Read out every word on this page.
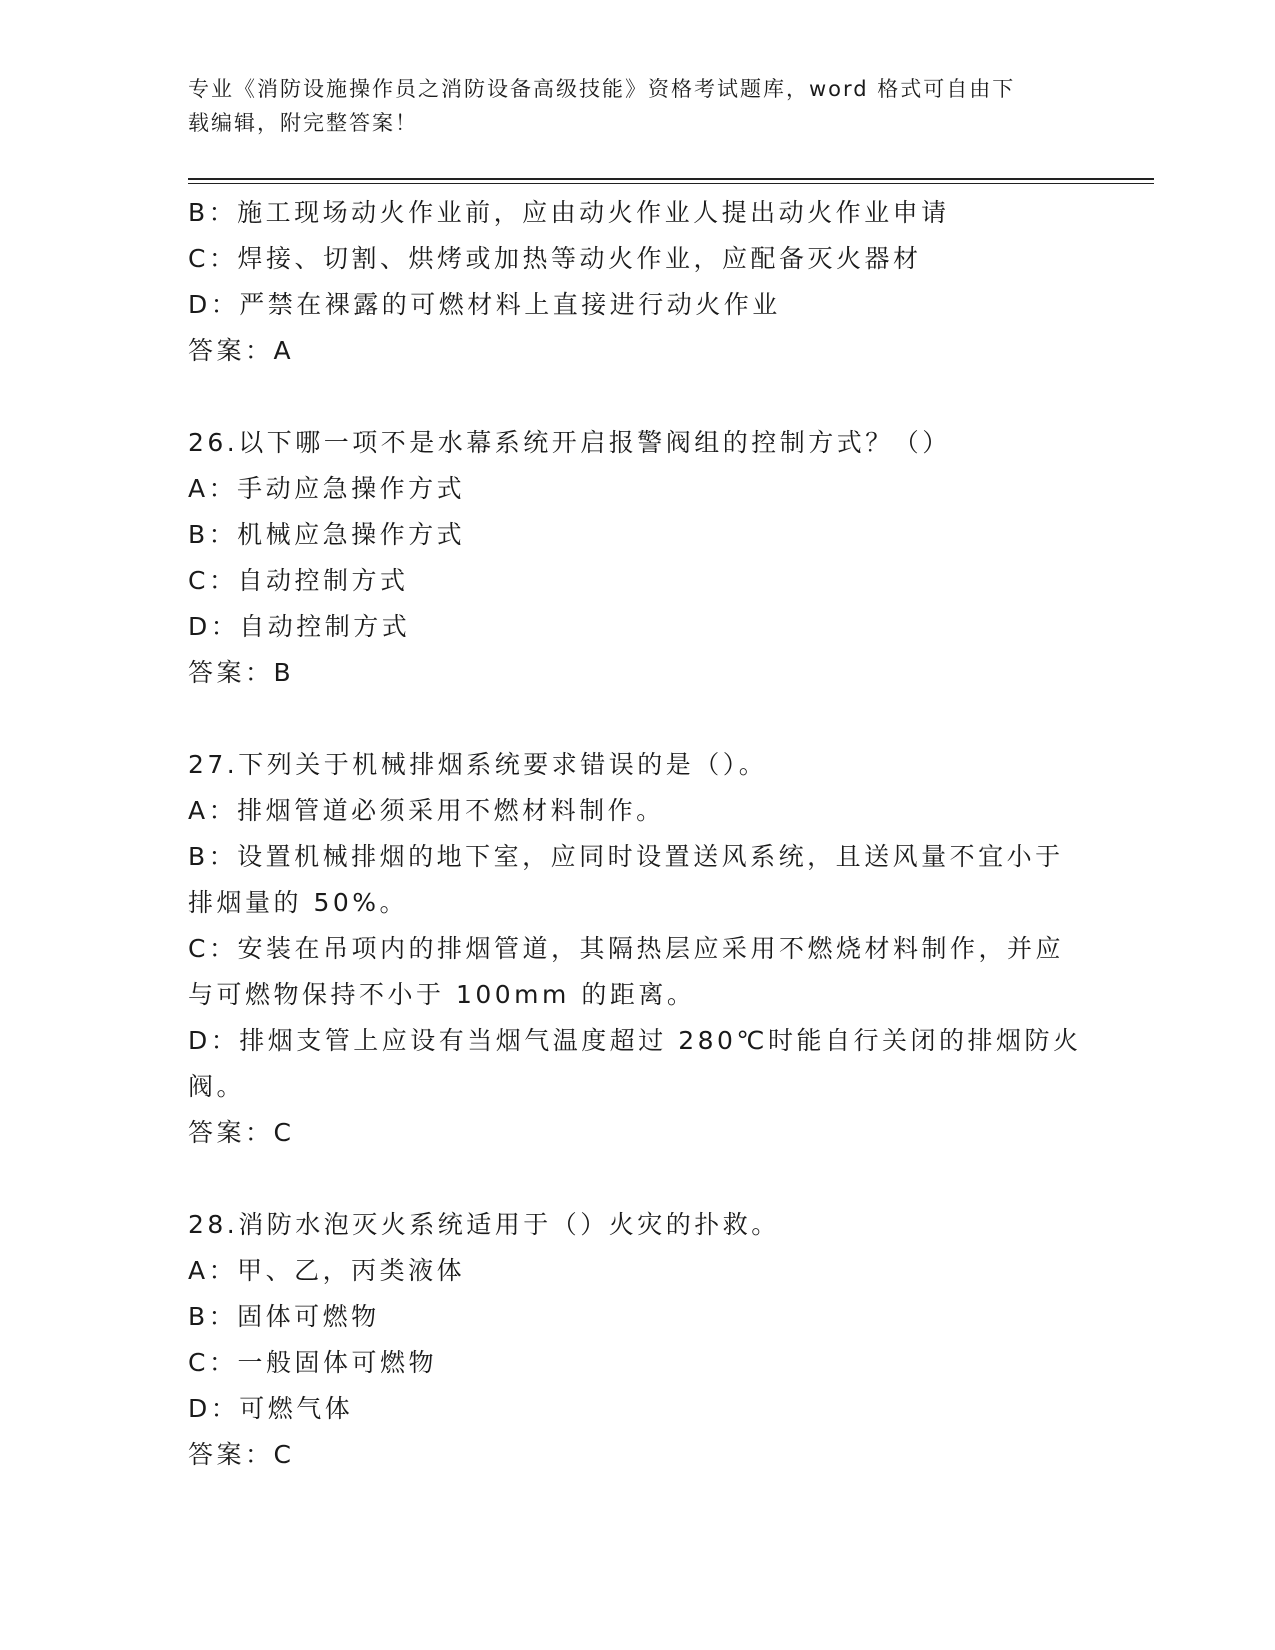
专业《消防设施操作员之消防设备高级技能》资格考试题库，word 格式可自由下
载编辑，附完整答案！
B：施工现场动火作业前，应由动火作业人提出动火作业申请
C：焊接、切割、烘烤或加热等动火作业，应配备灭火器材
D：严禁在裸露的可燃材料上直接进行动火作业
答案：A
26.以下哪一项不是水幕系统开启报警阀组的控制方式？（）
A：手动应急操作方式
B：机械应急操作方式
C：自动控制方式
D：自动控制方式
答案：B
27.下列关于机械排烟系统要求错误的是（）。
A：排烟管道必须采用不燃材料制作。
B：设置机械排烟的地下室，应同时设置送风系统，且送风量不宜小于
排烟量的 50%。
C：安装在吊项内的排烟管道，其隔热层应采用不燃烧材料制作，并应
与可燃物保持不小于 100mm 的距离。
D：排烟支管上应设有当烟气温度超过 280℃时能自行关闭的排烟防火
阀。
答案：C
28.消防水泡灭火系统适用于（）火灾的扑救。
A：甲、乙，丙类液体
B：固体可燃物
C：一般固体可燃物
D：可燃气体
答案：C
